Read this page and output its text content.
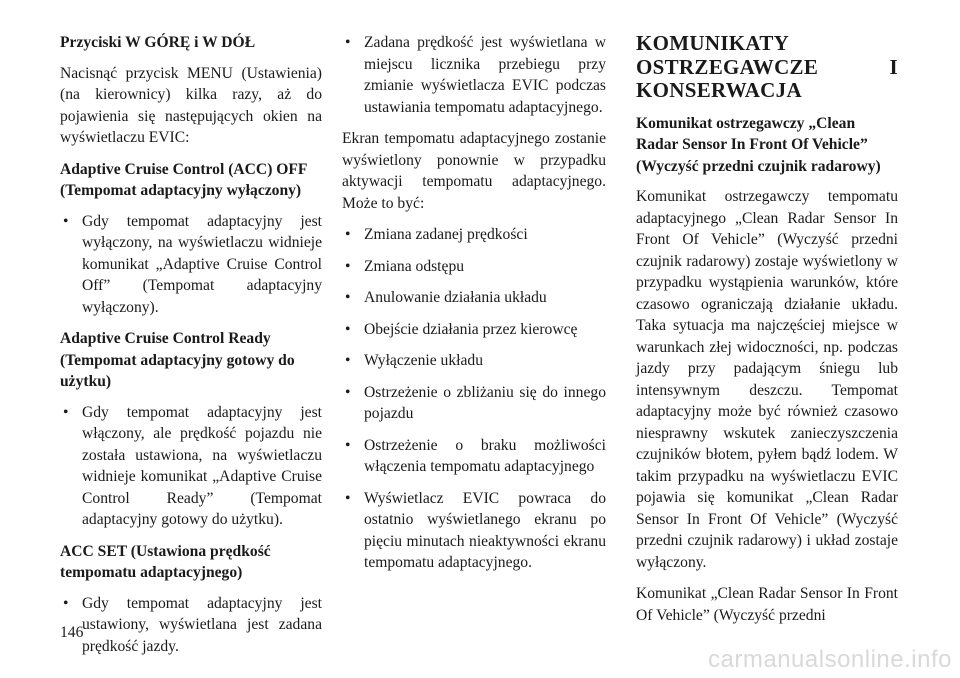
Przyciski W GÓRĘ i W DÓŁ

Nacisnąć przycisk MENU (Ustawienia) (na kierownicy) kilka razy, aż do pojawienia się następujących okien na wyświetlaczu EVIC:

Adaptive Cruise Control (ACC) OFF (Tempomat adaptacyjny wyłączony)

• Gdy tempomat adaptacyjny jest wyłączony, na wyświetlaczu widnieje komunikat „Adaptive Cruise Control Off” (Tempomat adaptacyjny wyłączony).

Adaptive Cruise Control Ready (Tempomat adaptacyjny gotowy do użytku)

• Gdy tempomat adaptacyjny jest włączony, ale prędkość pojazdu nie została ustawiona, na wyświetlaczu widnieje komunikat „Adaptive Cruise Control Ready” (Tempomat adaptacyjny gotowy do użytku).

ACC SET (Ustawiona prędkość tempomatu adaptacyjnego)

• Gdy tempomat adaptacyjny jest ustawiony, wyświetlana jest zadana prędkość jazdy.
• Zadana prędkość jest wyświetlana w miejscu licznika przebiegu przy zmianie wyświetlacza EVIC podczas ustawiania tempomatu adaptacyjnego.

Ekran tempomatu adaptacyjnego zostanie wyświetlony ponownie w przypadku aktywacji tempomatu adaptacyjnego. Może to być:

• Zmiana zadanej prędkości
• Zmiana odstępu
• Anulowanie działania układu
• Obejście działania przez kierowcę
• Wyłączenie układu
• Ostrzeżenie o zbliżaniu się do innego pojazdu
• Ostrzeżenie o braku możliwości włączenia tempomatu adaptacyjnego
• Wyświetlacz EVIC powraca do ostatnio wyświetlanego ekranu po pięciu minutach nieaktywności ekranu tempomatu adaptacyjnego.

KOMUNIKATY OSTRZEGAWCZE I KONSERWACJA

Komunikat ostrzegawczy „Clean Radar Sensor In Front Of Vehicle” (Wyczyść przedni czujnik radarowy)

Komunikat ostrzegawczy tempomatu adaptacyjnego „Clean Radar Sensor In Front Of Vehicle” (Wyczyść przedni czujnik radarowy) zostaje wyświetlony w przypadku wystąpienia warunków, które czasowo ograniczają działanie układu. Taka sytuacja ma najczęściej miejsce w warunkach złej widoczności, np. podczas jazdy przy padającym śniegu lub intensywnym deszczu. Tempomat adaptacyjny może być również czasowo niesprawny wskutek zanieczyszczenia czujników błotem, pyłem bądź lodem. W takim przypadku na wyświetlaczu EVIC pojawia się komunikat „Clean Radar Sensor In Front Of Vehicle” (Wyczyść przedni czujnik radarowy) i układ zostaje wyłączony.

Komunikat „Clean Radar Sensor In Front Of Vehicle” (Wyczyść przedni

146
carmanualsonline.info
